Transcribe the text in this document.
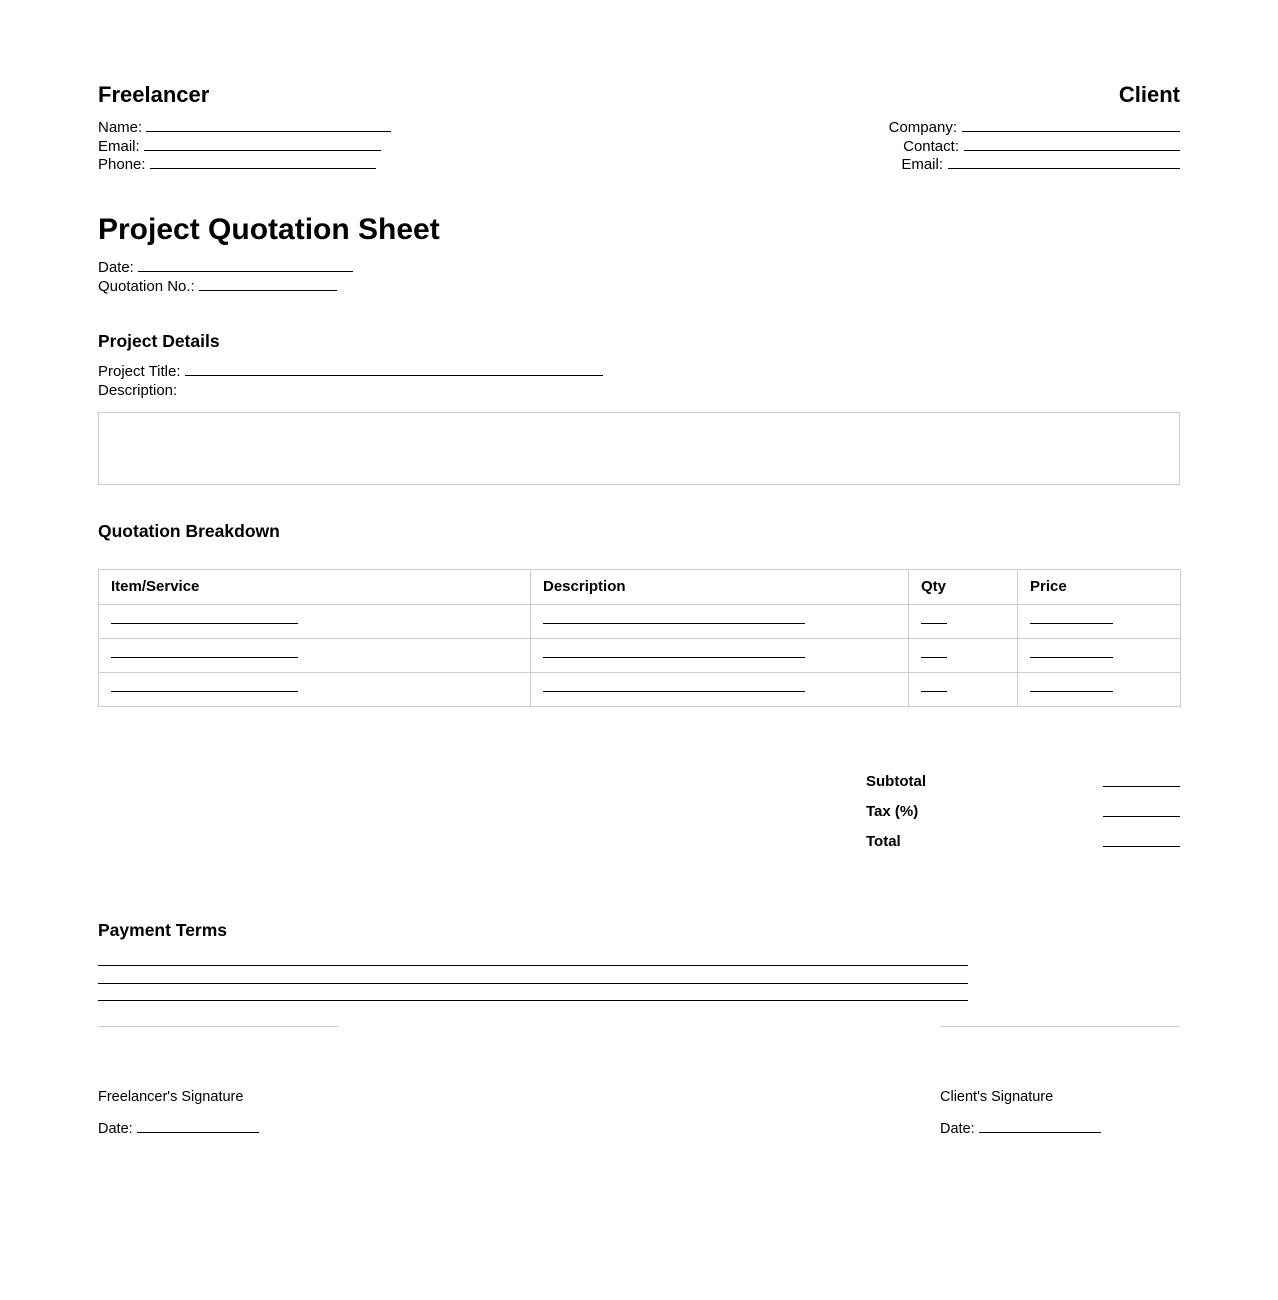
Freelancer
Name:
Email:
Phone:
Client
Company:
Contact:
Email:
Project Quotation Sheet
Date:
Quotation No.:
Project Details
Project Title:
Description:
Quotation Breakdown
Item/Service	Description	Qty	Price

Subtotal
Tax (%)
Total
Payment Terms
Freelancer's Signature
Date:
Client's Signature
Date:
